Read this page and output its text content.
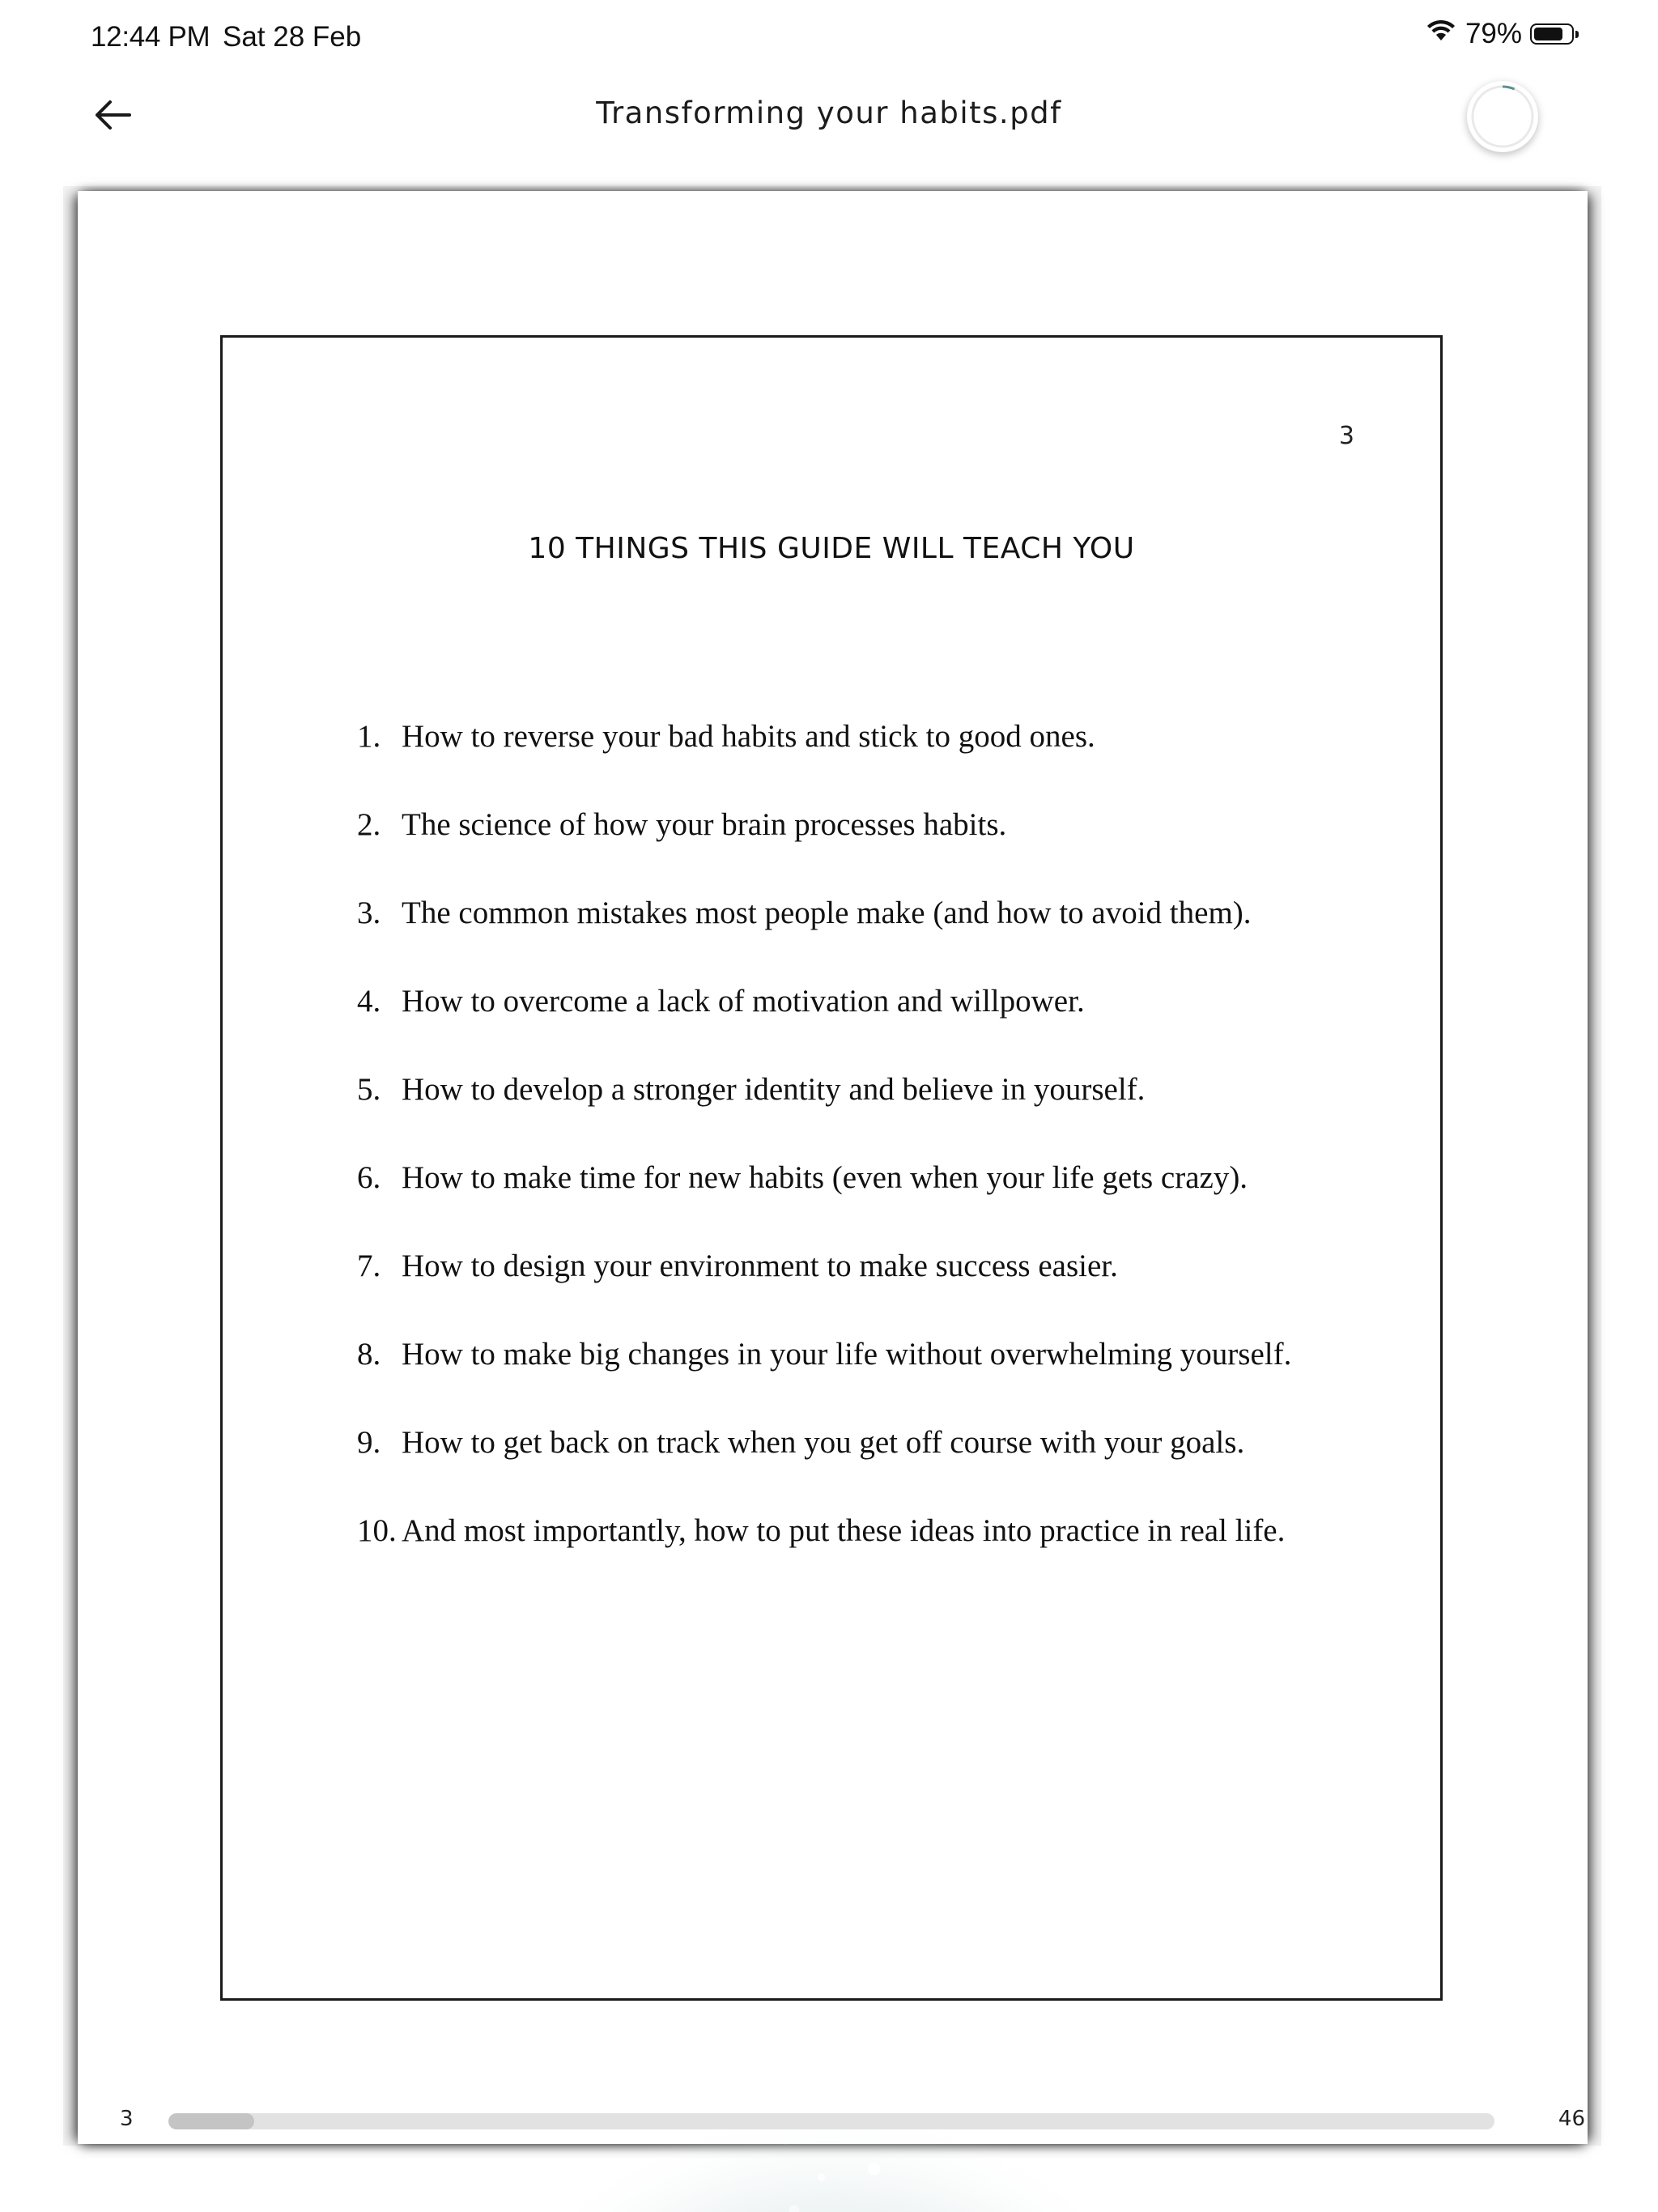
12:44 PM Sat 28 Feb	79%
Transforming your habits.pdf
3
10 THINGS THIS GUIDE WILL TEACH YOU
1. How to reverse your bad habits and stick to good ones.
2. The science of how your brain processes habits.
3. The common mistakes most people make (and how to avoid them).
4. How to overcome a lack of motivation and willpower.
5. How to develop a stronger identity and believe in yourself.
6. How to make time for new habits (even when your life gets crazy).
7. How to design your environment to make success easier.
8. How to make big changes in your life without overwhelming yourself.
9. How to get back on track when you get off course with your goals.
10. And most importantly, how to put these ideas into practice in real life.
3	46
